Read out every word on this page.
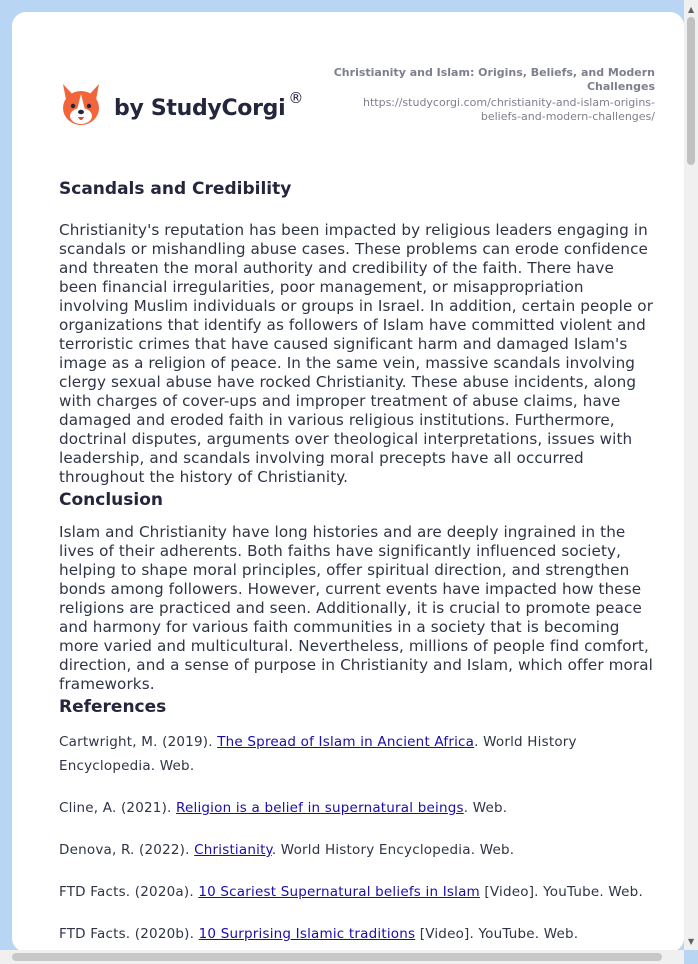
by StudyCorgi ®
Christianity and Islam: Origins, Beliefs, and Modern Challenges
https://studycorgi.com/christianity-and-islam-origins-beliefs-and-modern-challenges/
Scandals and Credibility

Christianity's reputation has been impacted by religious leaders engaging in scandals or mishandling abuse cases. These problems can erode confidence and threaten the moral authority and credibility of the faith. There have been financial irregularities, poor management, or misappropriation involving Muslim individuals or groups in Israel. In addition, certain people or organizations that identify as followers of Islam have committed violent and terroristic crimes that have caused significant harm and damaged Islam's image as a religion of peace. In the same vein, massive scandals involving clergy sexual abuse have rocked Christianity. These abuse incidents, along with charges of cover-ups and improper treatment of abuse claims, have damaged and eroded faith in various religious institutions. Furthermore, doctrinal disputes, arguments over theological interpretations, issues with leadership, and scandals involving moral precepts have all occurred throughout the history of Christianity.

Conclusion

Islam and Christianity have long histories and are deeply ingrained in the lives of their adherents. Both faiths have significantly influenced society, helping to shape moral principles, offer spiritual direction, and strengthen bonds among followers. However, current events have impacted how these religions are practiced and seen. Additionally, it is crucial to promote peace and harmony for various faith communities in a society that is becoming more varied and multicultural. Nevertheless, millions of people find comfort, direction, and a sense of purpose in Christianity and Islam, which offer moral frameworks.

References

Cartwright, M. (2019). The Spread of Islam in Ancient Africa. World History Encyclopedia. Web.

Cline, A. (2021). Religion is a belief in supernatural beings. Web.

Denova, R. (2022). Christianity. World History Encyclopedia. Web.

FTD Facts. (2020a). 10 Scariest Supernatural beliefs in Islam [Video]. YouTube. Web.

FTD Facts. (2020b). 10 Surprising Islamic traditions [Video]. YouTube. Web.

▲
▼
